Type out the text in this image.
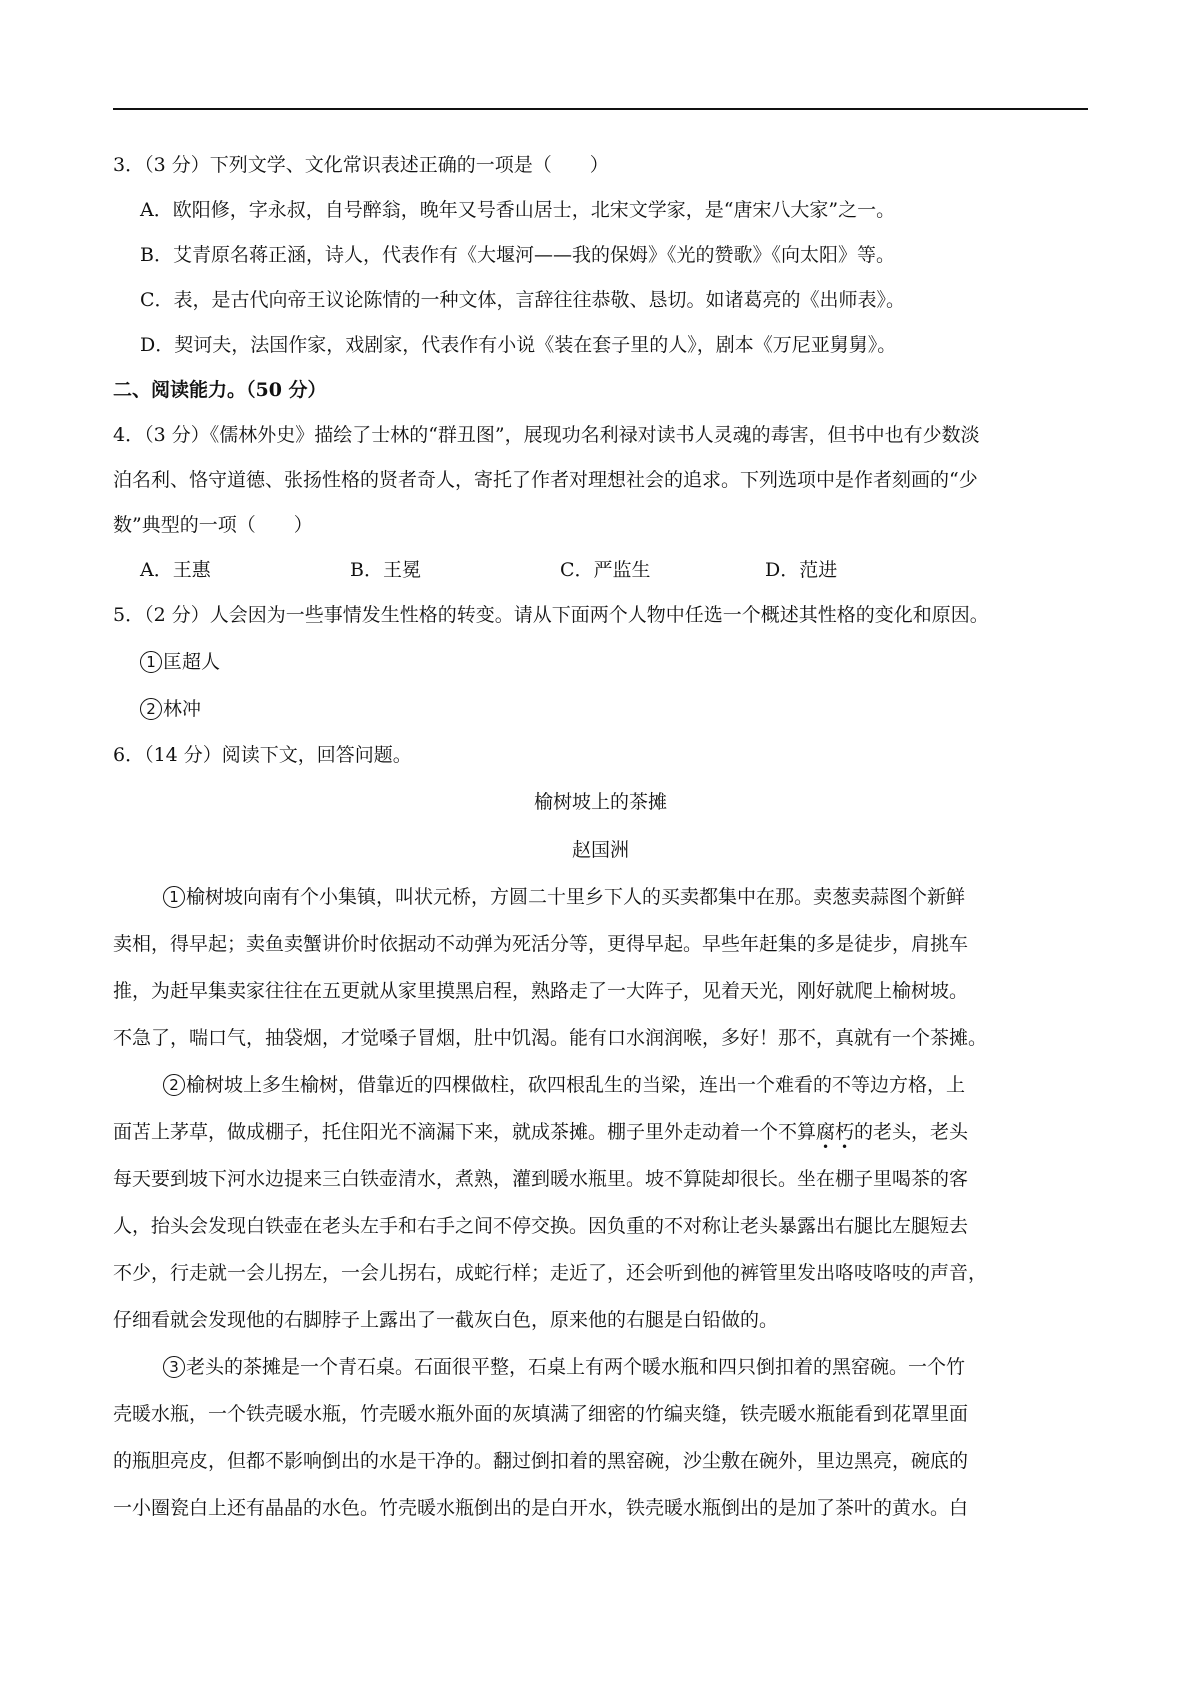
3．（3 分）下列文学、文化常识表述正确的一项是（　　）
A．欧阳修，字永叔，自号醉翁，晚年又号香山居士，北宋文学家，是“唐宋八大家”之一。
B．艾青原名蒋正涵，诗人，代表作有《大堰河——我的保姆》《光的赞歌》《向太阳》等。
C．表，是古代向帝王议论陈情的一种文体，言辞往往恭敬、恳切。如诸葛亮的《出师表》。
D．契诃夫，法国作家，戏剧家，代表作有小说《装在套子里的人》，剧本《万尼亚舅舅》。
二、阅读能力。（50 分）
4．（3 分）《儒林外史》描绘了士林的“群丑图”，展现功名利禄对读书人灵魂的毒害，但书中也有少数淡
泊名利、恪守道德、张扬性格的贤者奇人，寄托了作者对理想社会的追求。下列选项中是作者刻画的“少
数”典型的一项（　　）
A．王惠	B．王冕	C．严监生	D．范进
5．（2 分）人会因为一些事情发生性格的转变。请从下面两个人物中任选一个概述其性格的变化和原因。
1 匡超人
2 林冲
6．（14 分）阅读下文，回答问题。
榆树坡上的茶摊
赵国洲
1 榆树坡向南有个小集镇，叫状元桥，方圆二十里乡下人的买卖都集中在那。卖葱卖蒜图个新鲜
卖相，得早起；卖鱼卖蟹讲价时依据动不动弹为死活分等，更得早起。早些年赶集的多是徒步，肩挑车
推，为赶早集卖家往往在五更就从家里摸黑启程，熟路走了一大阵子，见着天光，刚好就爬上榆树坡。
不急了，喘口气，抽袋烟，才觉嗓子冒烟，肚中饥渴。能有口水润润喉，多好！那不，真就有一个茶摊。
2 榆树坡上多生榆树，借靠近的四棵做柱，砍四根乱生的当梁，连出一个难看的不等边方格，上
面苫上茅草，做成棚子，托住阳光不滴漏下来，就成茶摊。棚子里外走动着一个不算腐
•
朽
•
的老头，老头
每天要到坡下河水边提来三白铁壶清水，煮熟，灌到暖水瓶里。坡不算陡却很长。坐在棚子里喝茶的客
人，抬头会发现白铁壶在老头左手和右手之间不停交换。因负重的不对称让老头暴露出右腿比左腿短去
不少，行走就一会儿拐左，一会儿拐右，成蛇行样；走近了，还会听到他的裤管里发出咯吱咯吱的声音，
仔细看就会发现他的右脚脖子上露出了一截灰白色，原来他的右腿是白铅做的。
3 老头的茶摊是一个青石桌。石面很平整，石桌上有两个暖水瓶和四只倒扣着的黑窑碗。一个竹
壳暖水瓶，一个铁壳暖水瓶，竹壳暖水瓶外面的灰填满了细密的竹编夹缝，铁壳暖水瓶能看到花罩里面
的瓶胆亮皮，但都不影响倒出的水是干净的。翻过倒扣着的黑窑碗，沙尘敷在碗外，里边黑亮，碗底的
一小圈瓷白上还有晶晶的水色。竹壳暖水瓶倒出的是白开水，铁壳暖水瓶倒出的是加了茶叶的黄水。白
